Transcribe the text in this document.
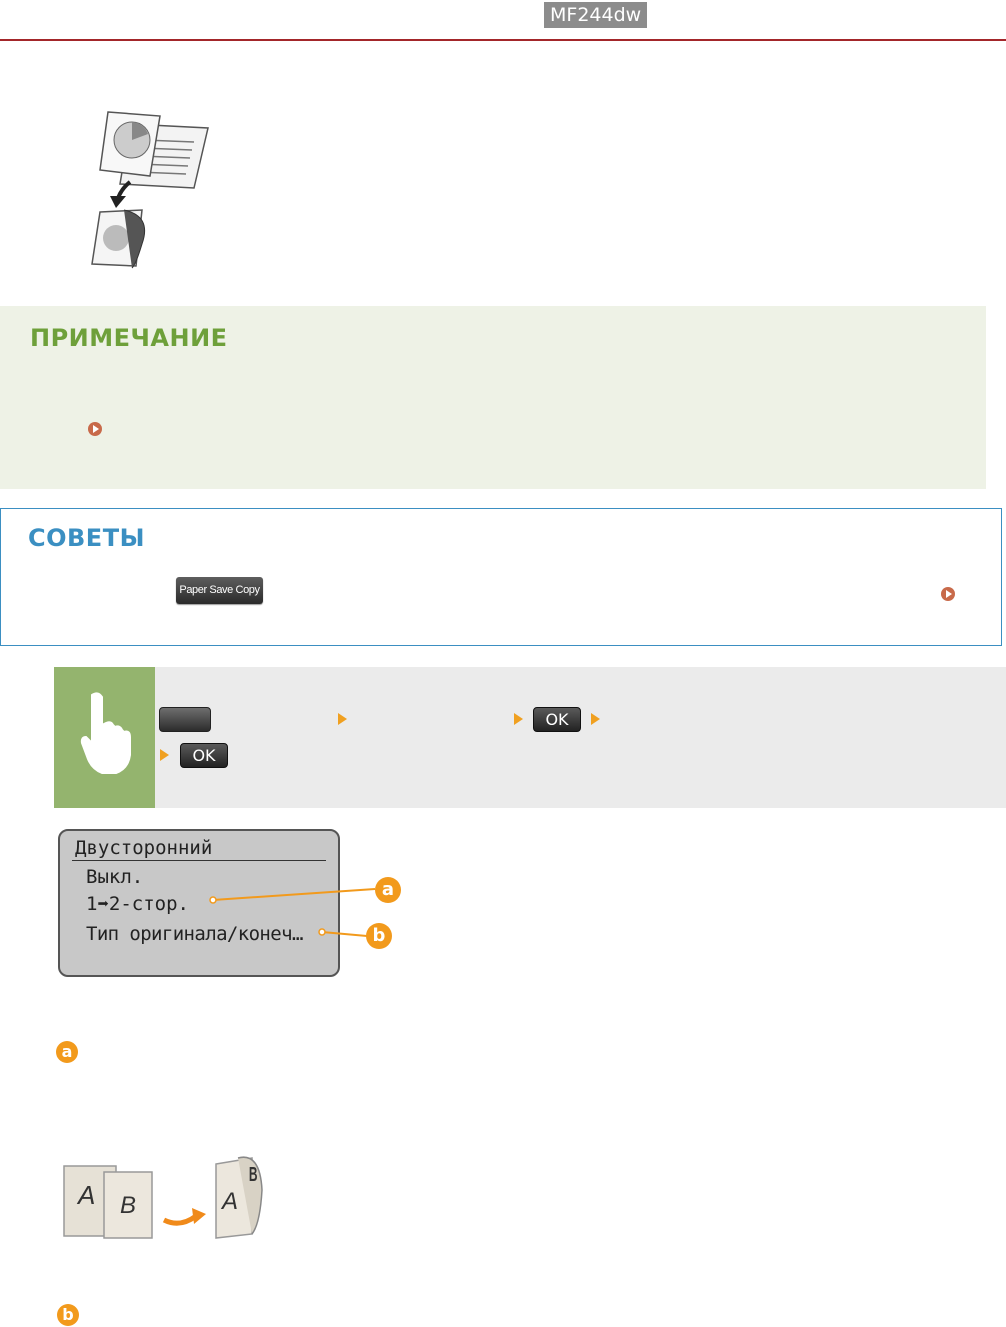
MF244dw
ПРИМЕЧАНИЕ
СОВЕТЫ
Paper Save Copy
OK
OK
Двусторонний
Выкл.
1➡2-стор.
Тип оригинала/конеч…
a
b
a
A B	A
B
b
